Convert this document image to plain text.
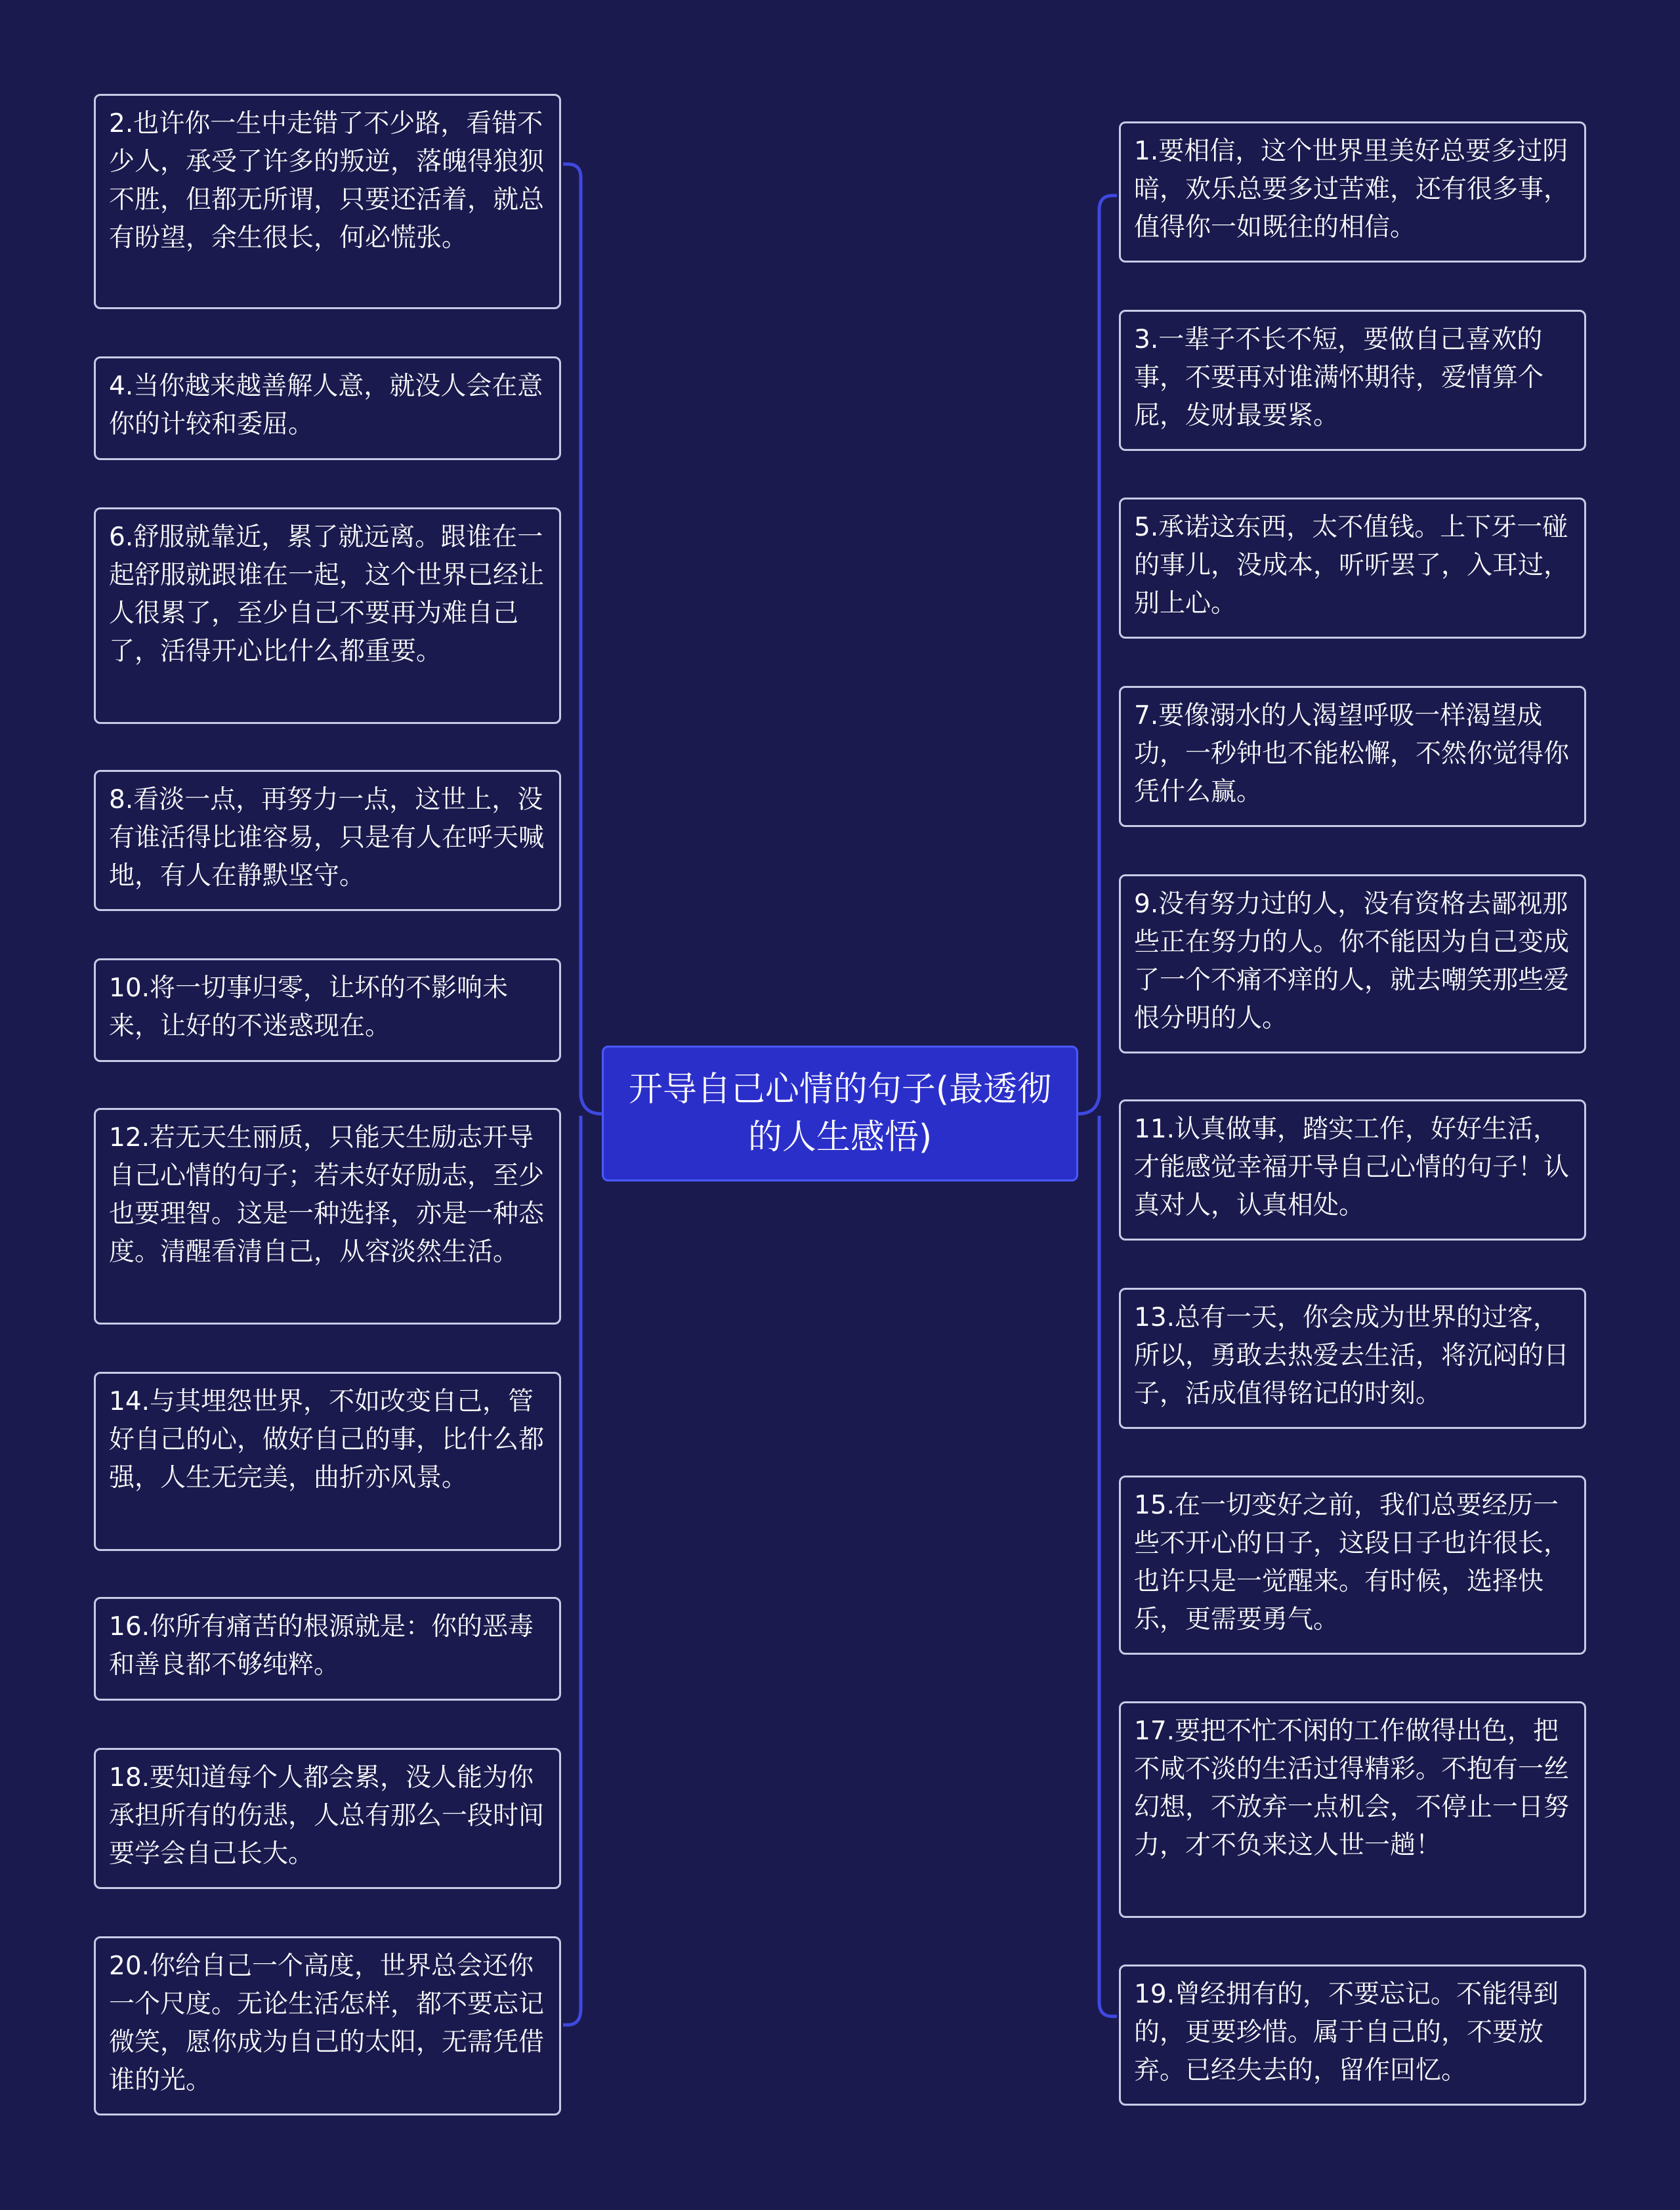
开导自己心情的句子(最透彻的人生感悟)
2.也许你一生中走错了不少路，看错不少人，承受了许多的叛逆，落魄得狼狈不胜，但都无所谓，只要还活着，就总有盼望，余生很长，何必慌张。
4.当你越来越善解人意，就没人会在意你的计较和委屈。
6.舒服就靠近，累了就远离。跟谁在一起舒服就跟谁在一起，这个世界已经让人很累了，至少自己不要再为难自己了，活得开心比什么都重要。
8.看淡一点，再努力一点，这世上，没有谁活得比谁容易，只是有人在呼天喊地，有人在静默坚守。
10.将一切事归零，让坏的不影响未来，让好的不迷惑现在。
12.若无天生丽质，只能天生励志开导自己心情的句子；若未好好励志，至少也要理智。这是一种选择，亦是一种态度。清醒看清自己，从容淡然生活。
14.与其埋怨世界，不如改变自己，管好自己的心，做好自己的事，比什么都强，人生无完美，曲折亦风景。
16.你所有痛苦的根源就是：你的恶毒和善良都不够纯粹。
18.要知道每个人都会累，没人能为你承担所有的伤悲，人总有那么一段时间要学会自己长大。
20.你给自己一个高度，世界总会还你一个尺度。无论生活怎样，都不要忘记微笑，愿你成为自己的太阳，无需凭借谁的光。
1.要相信，这个世界里美好总要多过阴暗，欢乐总要多过苦难，还有很多事，值得你一如既往的相信。
3.一辈子不长不短，要做自己喜欢的事，不要再对谁满怀期待，爱情算个屁，发财最要紧。
5.承诺这东西，太不值钱。上下牙一碰的事儿，没成本，听听罢了，入耳过，别上心。
7.要像溺水的人渴望呼吸一样渴望成功，一秒钟也不能松懈，不然你觉得你凭什么赢。
9.没有努力过的人，没有资格去鄙视那些正在努力的人。你不能因为自己变成了一个不痛不痒的人，就去嘲笑那些爱恨分明的人。
11.认真做事，踏实工作，好好生活，才能感觉幸福开导自己心情的句子！认真对人，认真相处。
13.总有一天，你会成为世界的过客，所以，勇敢去热爱去生活，将沉闷的日子，活成值得铭记的时刻。
15.在一切变好之前，我们总要经历一些不开心的日子，这段日子也许很长，也许只是一觉醒来。有时候，选择快乐，更需要勇气。
17.要把不忙不闲的工作做得出色，把不咸不淡的生活过得精彩。不抱有一丝幻想，不放弃一点机会，不停止一日努力，才不负来这人世一趟！
19.曾经拥有的，不要忘记。不能得到的，更要珍惜。属于自己的，不要放弃。已经失去的，留作回忆。
